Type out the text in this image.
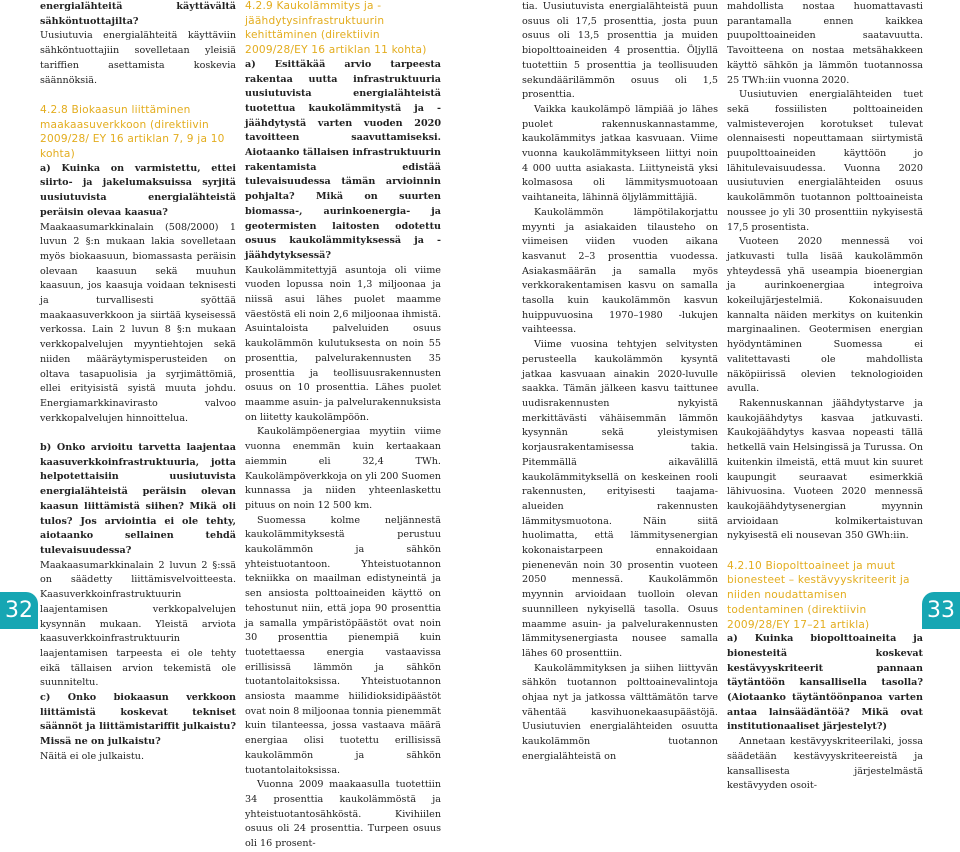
energialähteitä käyttävältä sähköntuottajilta?

Uusiutuvia energialähteitä käyttäviin sähköntuottajiin sovelletaan yleisiä tariffien asettamista koskevia säännöksiä.

4.2.8 Biokaasun liittäminen maakaasuverkkoon (direktiivin 2009/28/ EY 16 artiklan 7, 9 ja 10 kohta)

a) Kuinka on varmistettu, ettei siirto- ja jakelumaksuissa syrjitä uusiutuvista energialähteistä peräisin olevaa kaasua?

Maakaasumarkkinalain (508/2000) 1 luvun 2 §:n mukaan lakia sovelletaan myös biokaasuun, biomassasta peräisin olevaan kaasuun sekä muuhun kaasuun, jos kaasuja voidaan teknisesti ja turvallisesti syöttää maakaasuverkkoon ja siirtää kyseisessä verkossa. Lain 2 luvun 8 §:n mukaan verkkopalvelujen myyntiehtojen sekä niiden määräytymisperusteiden on oltava tasapuolisia ja syrjimättömiä, ellei erityisistä syistä muuta johdu. Energiamarkkinavirasto valvoo verkkopalvelujen hinnoittelua.

b) Onko arvioitu tarvetta laajentaa kaasuverkkoinfrastruktuuria, jotta helpotettaisiin uusiutuvista energialähteistä peräisin olevan kaasun liittämistä siihen? Mikä oli tulos? Jos arviointia ei ole tehty, aiotaanko sellainen tehdä tulevaisuudessa?

Maakaasumarkkinalain 2 luvun 2 §:ssä on säädetty liittämisvelvoitteesta. Kaasuverkkoinfrastruktuurin laajentamisen verkkopalvelujen kysynnän mukaan. Yleistä arviota kaasuverkkoinfrastruktuurin laajentamisen tarpeesta ei ole tehty eikä tällaisen arvion tekemistä ole suunniteltu.

c) Onko biokaasun verkkoon liittämistä koskevat tekniset säännöt ja liittämistariffit julkaistu? Missä ne on julkaistu?

Näitä ei ole julkaistu.

4.2.9 Kaukolämmitys ja -jäähdytysinfrastruktuurin kehittäminen (direktiivin 2009/28/EY 16 artiklan 11 kohta)

a) Esittäkää arvio tarpeesta rakentaa uutta infrastruktuuria uusiutuvista energialähteistä tuotettua kaukolämmitystä ja -jäähdytystä varten vuoden 2020 tavoitteen saavuttamiseksi. Aiotaanko tällaisen infrastruktuurin rakentamista edistää tulevaisuudessa tämän arvioinnin pohjalta? Mikä on suurten biomassa-, aurinkoenergia- ja geotermisten laitosten odotettu osuus kaukolämmityksessä ja -jäähdytyksessä?

Kaukolämmitettyjä asuntoja oli viime vuoden lopussa noin 1,3 miljoonaa ja niissä asui lähes puolet maamme väestöstä eli noin 2,6 miljoonaa ihmistä. Asuintaloista palveluiden osuus kaukolämmön kulutuksesta on noin 55 prosenttia, palvelurakennusten 35 prosenttia ja teollisuusrakennusten osuus on 10 prosenttia. Lähes puolet maamme asuin- ja palvelurakennuksista on liitetty kaukolämpöön.

Kaukolämpöenergiaa myytiin viime vuonna enemmän kuin kertaakaan aiemmin eli 32,4 TWh. Kaukolämpöverkkoja on yli 200 Suomen kunnassa ja niiden yhteenlaskettu pituus on noin 12 500 km.

Suomessa kolme neljännestä kaukolämmityksestä perustuu kaukolämmön ja sähkön yhteistuotantoon. Yhteistuotannon tekniikka on maailman edistyneintä ja sen ansiosta polttoaineiden käyttö on tehostunut niin, että jopa 90 prosenttia ja samalla ympäristöpäästöt ovat noin 30 prosenttia pienempiä kuin tuotettaessa energia vastaavissa erillisissä lämmön ja sähkön tuotantolaitoksissa. Yhteistuotannon ansiosta maamme hiilidioksidipäästöt ovat noin 8 miljoonaa tonnia pienemmät kuin tilanteessa, jossa vastaava määrä energiaa olisi tuotettu erillisissä kaukolämmön ja sähkön tuotantolaitoksissa.

Vuonna 2009 maakaasulla tuotettiin 34 prosenttia kaukolämmöstä ja yhteistuotantosähköstä. Kivihiilen osuus oli 24 prosenttia. Turpeen osuus oli 16 prosent-

tia. Uusiutuvista energialähteistä puun osuus oli 17,5 prosenttia, josta puun osuus oli 13,5 prosenttia ja muiden biopolttoaineiden 4 prosenttia. Öljyllä tuotettiin 5 prosenttia ja teollisuuden sekundäärilämmön osuus oli 1,5 prosenttia.

Vaikka kaukolämpö lämpiää jo lähes puolet rakennuskannastamme, kaukolämmitys jatkaa kasvuaan. Viime vuonna kaukolämmitykseen liittyi noin 4 000 uutta asiakasta. Liittyneistä yksi kolmasosa oli lämmitysmuotoaan vaihtaneita, lähinnä öljylämmittäjiä.

Kaukolämmön lämpötilakorjattu myynti ja asiakaiden tilausteho on viimeisen viiden vuoden aikana kasvanut 2–3 prosenttia vuodessa. Asiakasmäärän ja samalla myös verkkorakentamisen kasvu on samalla tasolla kuin kaukolämmön kasvun huippuvuosina 1970–1980 -lukujen vaihteessa.

Viime vuosina tehtyjen selvitysten perusteella kaukolämmön kysyntä jatkaa kasvuaan ainakin 2020-luvulle saakka. Tämän jälkeen kasvu taittunee uudisrakennusten nykyistä merkittävästi vähäisemmän lämmön kysynnän sekä yleistymisen korjausrakentamisessa takia. Pitemmällä aikavälillä kaukolämmityksellä on keskeinen rooli rakennusten, erityisesti taajama-alueiden rakennusten lämmitysmuotona. Näin siitä huolimatta, että lämmitysenergian kokonaistarpeen ennakoidaan pienenevän noin 30 prosentin vuoteen 2050 mennessä. Kaukolämmön myynnin arvioidaan tuolloin olevan suunnilleen nykyisellä tasolla. Osuus maamme asuin- ja palvelurakennusten lämmitysenergiasta nousee samalla lähes 60 prosenttiin.

Kaukolämmityksen ja siihen liittyvän sähkön tuotannon polttoainevalintoja ohjaa nyt ja jatkossa välttämätön tarve vähentää kasvihuonekaasupäästöjä. Uusiutuvien energialähteiden osuutta kaukolämmön tuotannon energialähteistä on

mahdollista nostaa huomattavasti parantamalla ennen kaikkea puupolttoaineiden saatavuutta. Tavoitteena on nostaa metsähakkeen käyttö sähkön ja lämmön tuotannossa 25 TWh:iin vuonna 2020.

Uusiutuvien energialähteiden tuet sekä fossiilisten polttoaineiden valmisteverojen korotukset tulevat olennaisesti nopeuttamaan siirtymistä puupolttoaineiden käyttöön jo lähitulevaisuudessa. Vuonna 2020 uusiutuvien energialähteiden osuus kaukolämmön tuotannon polttoaineista noussee jo yli 30 prosenttiin nykyisestä 17,5 prosentista.

Vuoteen 2020 mennessä voi jatkuvasti tulla lisää kaukolämmön yhteydessä yhä useampia bioenergian ja aurinkoenergiaa integroiva kokeilujärjestelmiä. Kokonaisuuden kannalta näiden merkitys on kuitenkin marginaalinen. Geotermisen energian hyödyntäminen Suomessa ei valitettavasti ole mahdollista näköpiirissä olevien teknologioiden avulla.

Rakennuskannan jäähdytystarve ja kaukojäähdytys kasvaa jatkuvasti. Kaukojäähdytys kasvaa nopeasti tällä hetkellä vain Helsingissä ja Turussa. On kuitenkin ilmeistä, että muut kin suuret kaupungit seuraavat esimerkkiä lähivuosina. Vuoteen 2020 mennessä kaukojäähdytysenergian myynnin arvioidaan kolmikertaistuvan nykyisestä eli nousevan 350 GWh:iin.

4.2.10 Biopolttoaineet ja muut bionesteet – kestävyyskriteerit ja niiden noudattamisen todentaminen (direktiivin 2009/28/EY 17–21 artikla)

a) Kuinka biopolttoaineita ja bionesteitä koskevat kestävyyskriteerit pannaan täytäntöön kansallisella tasolla? (Aiotaanko täytäntöönpanoa varten antaa lainsäädäntöä? Mikä ovat institutionaaliset järjestelyt?)

Annetaan kestävyyskriteerilaki, jossa säädetään kestävyyskriteereistä ja kansallisesta järjestelmästä kestävyyden osoit-

32	33
